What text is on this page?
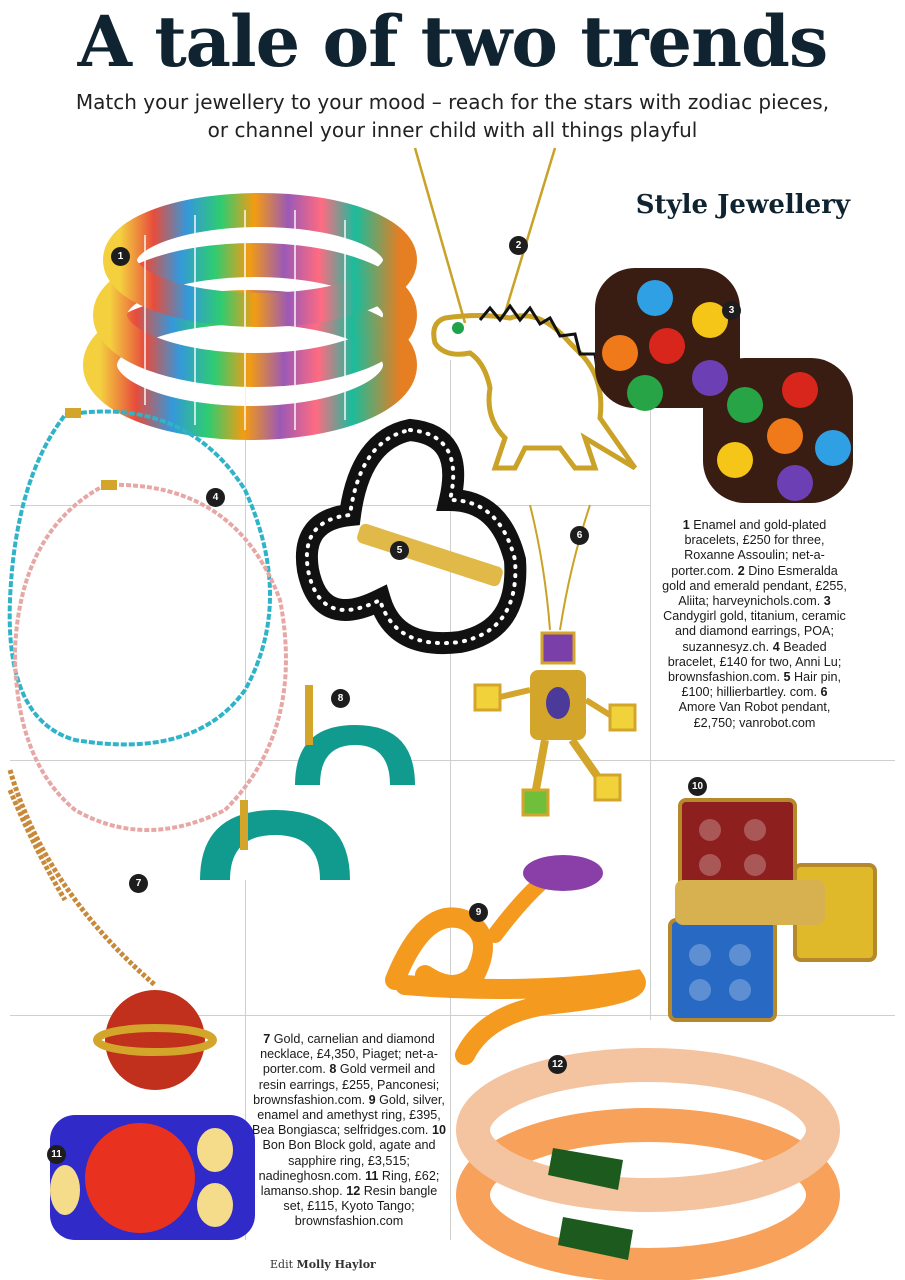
A tale of two trends
Match your jewellery to your mood – reach for the stars with zodiac pieces,
or channel your inner child with all things playful
Style Jewellery
1
2
3
4
5
6
7
8
9
10
11
12
1 Enamel and gold-plated bracelets, £250 for three, Roxanne Assoulin; net-a-porter.com. 2 Dino Esmeralda gold and emerald pendant, £255, Aliita; harveynichols.com. 3 Candygirl gold, titanium, ceramic and diamond earrings, POA; suzannesyz.ch. 4 Beaded bracelet, £140 for two, Anni Lu; brownsfashion.com. 5 Hair pin, £100; hillierbartley. com. 6 Amore Van Robot pendant, £2,750; vanrobot.com
7 Gold, carnelian and diamond necklace, £4,350, Piaget; net-a-porter.com. 8 Gold vermeil and resin earrings, £255, Panconesi; brownsfashion.com. 9 Gold, silver, enamel and amethyst ring, £395, Bea Bongiasca; selfridges.com. 10 Bon Bon Block gold, agate and sapphire ring, £3,515; nadineghosn.com. 11 Ring, £62; lamanso.shop. 12 Resin bangle set, £115, Kyoto Tango; brownsfashion.com
Edit Molly Haylor
